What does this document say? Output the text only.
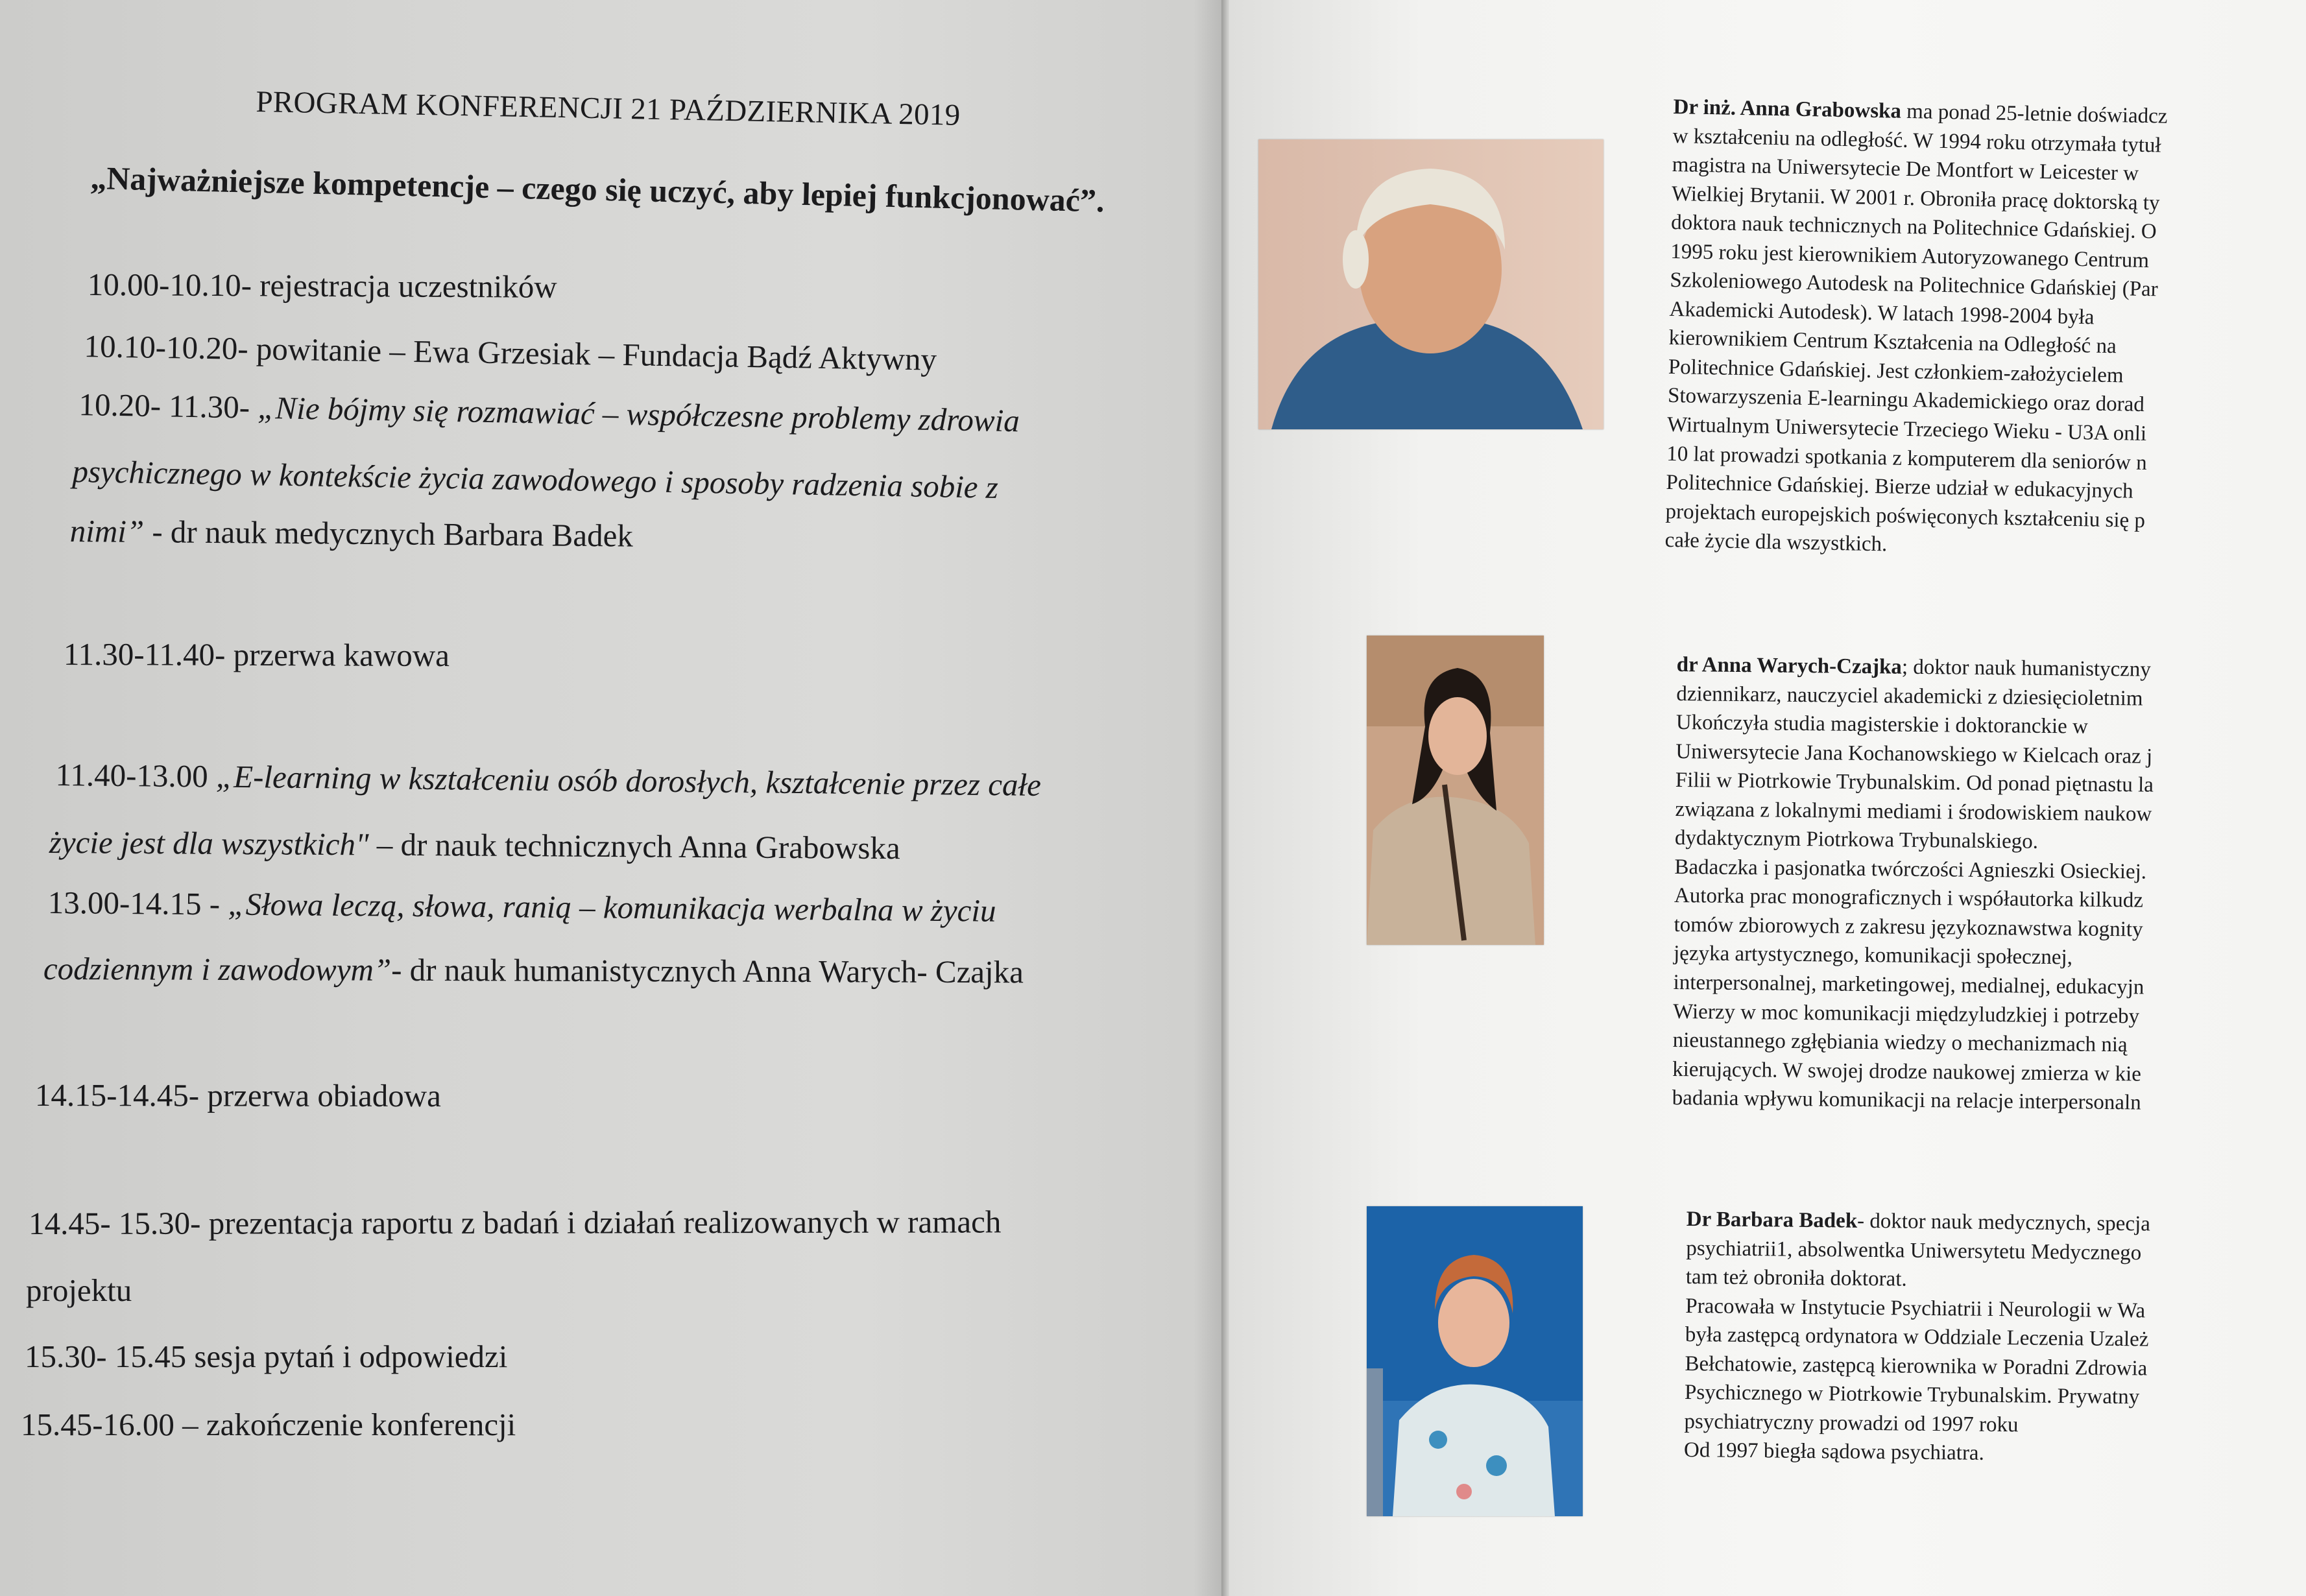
PROGRAM KONFERENCJI 21 PAŹDZIERNIKA 2019
„Najważniejsze kompetencje – czego się uczyć, aby lepiej funkcjonować”.
10.00-10.10- rejestracja uczestników
10.10-10.20- powitanie – Ewa Grzesiak – Fundacja Bądź Aktywny
10.20- 11.30- „Nie bójmy się rozmawiać – współczesne problemy zdrowia
psychicznego w kontekście życia zawodowego i sposoby radzenia sobie z
nimi” - dr nauk medycznych Barbara Badek
11.30-11.40- przerwa kawowa
11.40-13.00 „E-learning w kształceniu osób dorosłych, kształcenie przez całe
życie jest dla wszystkich" – dr nauk technicznych Anna Grabowska
13.00-14.15 - „Słowa leczą, słowa, ranią – komunikacja werbalna w życiu
codziennym i zawodowym”- dr nauk humanistycznych Anna Warych- Czajka
14.15-14.45- przerwa obiadowa
14.45- 15.30- prezentacja raportu z badań i działań realizowanych w ramach
projektu
15.30- 15.45 sesja pytań i odpowiedzi
15.45-16.00 – zakończenie konferencji
Dr inż. Anna Grabowska ma ponad 25-letnie doświadcz
w kształceniu na odległość. W 1994 roku otrzymała tytuł
magistra na Uniwersytecie De Montfort w Leicester w
Wielkiej Brytanii. W 2001 r. Obroniła pracę doktorską ty
doktora nauk technicznych na Politechnice Gdańskiej. O
1995 roku jest kierownikiem Autoryzowanego Centrum
Szkoleniowego Autodesk na Politechnice Gdańskiej (Par
Akademicki Autodesk). W latach 1998-2004 była
kierownikiem Centrum Kształcenia na Odległość na
Politechnice Gdańskiej. Jest członkiem-założycielem
Stowarzyszenia E-learningu Akademickiego oraz dorad
Wirtualnym Uniwersytecie Trzeciego Wieku - U3A onli
10 lat prowadzi spotkania z komputerem dla seniorów n
Politechnice Gdańskiej. Bierze udział w edukacyjnych
projektach europejskich poświęconych kształceniu się p
całe życie dla wszystkich.
dr Anna Warych-Czajka; doktor nauk humanistyczny
dziennikarz, nauczyciel akademicki z dziesięcioletnim
Ukończyła studia magisterskie i doktoranckie w
Uniwersytecie Jana Kochanowskiego w Kielcach oraz j
Filii w Piotrkowie Trybunalskim. Od ponad piętnastu la
związana z lokalnymi mediami i środowiskiem naukow
dydaktycznym Piotrkowa Trybunalskiego.
Badaczka i pasjonatka twórczości Agnieszki Osieckiej.
Autorka prac monograficznych i współautorka kilkudz
tomów zbiorowych z zakresu językoznawstwa kognity
języka artystycznego, komunikacji społecznej,
interpersonalnej, marketingowej, medialnej, edukacyjn
Wierzy w moc komunikacji międzyludzkiej i potrzeby
nieustannego zgłębiania wiedzy o mechanizmach nią
kierujących. W swojej drodze naukowej zmierza w kie
badania wpływu komunikacji na relacje interpersonaln
Dr Barbara Badek- doktor nauk medycznych, specja
psychiatrii1, absolwentka Uniwersytetu Medycznego
tam też obroniła doktorat.
Pracowała w Instytucie Psychiatrii i Neurologii w Wa
była zastępcą ordynatora w Oddziale Leczenia Uzależ
Bełchatowie, zastępcą kierownika w Poradni Zdrowia
Psychicznego w Piotrkowie Trybunalskim. Prywatny
psychiatryczny prowadzi od 1997 roku
Od 1997 biegła sądowa psychiatra.
